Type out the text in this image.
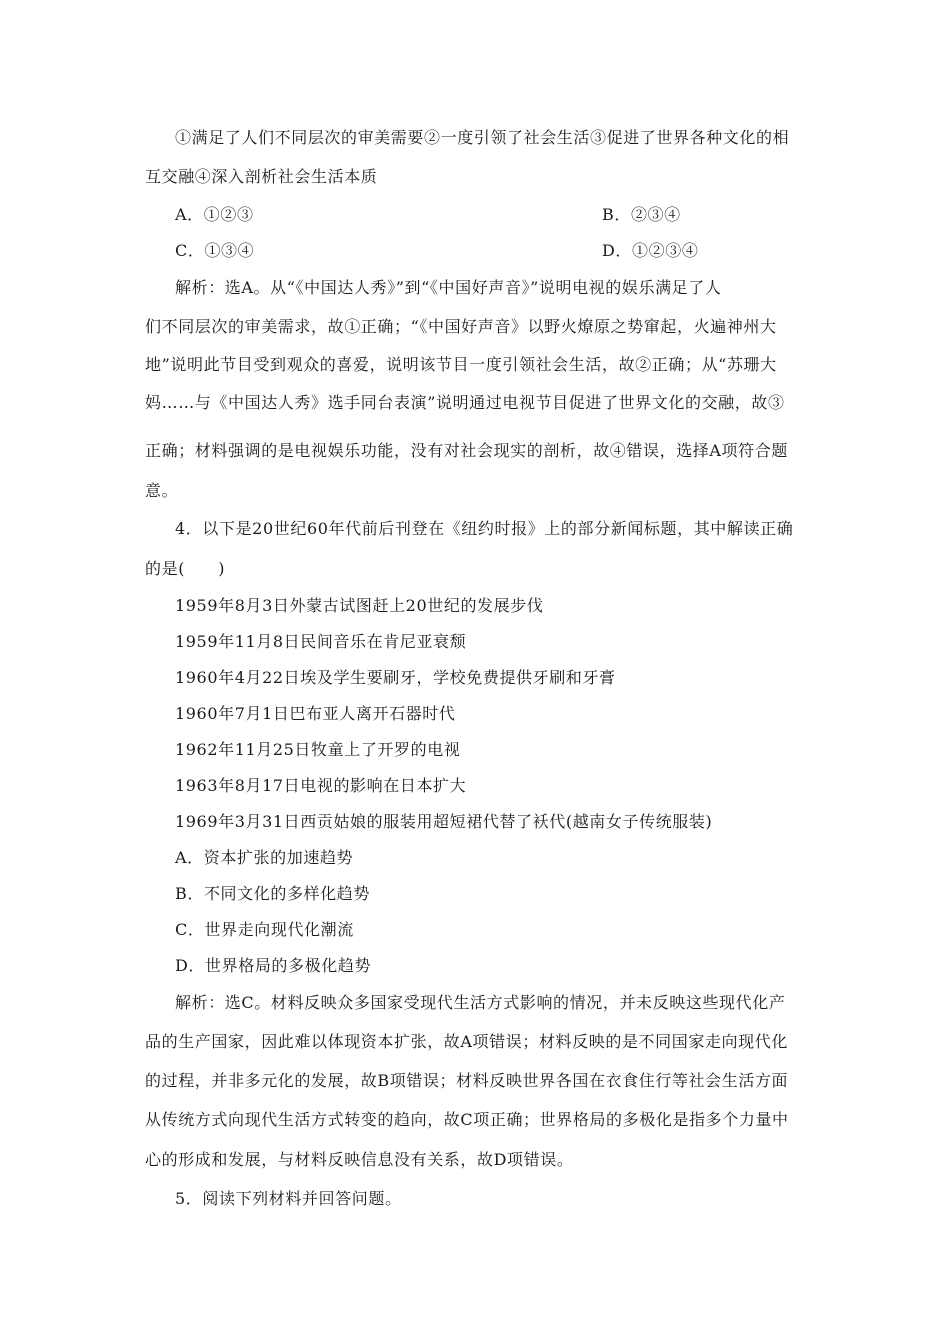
①满足了人们不同层次的审美需要②一度引领了社会生活③促进了世界各种文化的相
互交融④深入剖析社会生活本质
A．①②③	B．②③④
C．①③④	D．①②③④
解析：选A。从“《中国达人秀》”到“《中国好声音》”说明电视的娱乐满足了人
们不同层次的审美需求，故①正确；“《中国好声音》以野火燎原之势窜起，火遍神州大
地”说明此节目受到观众的喜爱，说明该节目一度引领社会生活，故②正确；从“苏珊大
妈……与《中国达人秀》选手同台表演”说明通过电视节目促进了世界文化的交融，故③
正确；材料强调的是电视娱乐功能，没有对社会现实的剖析，故④错误，选择A项符合题
意。
4．以下是20世纪60年代前后刊登在《纽约时报》上的部分新闻标题，其中解读正确
的是(　　)
1959年8月3日外蒙古试图赶上20世纪的发展步伐
1959年11月8日民间音乐在肯尼亚衰颓
1960年4月22日埃及学生要刷牙，学校免费提供牙刷和牙膏
1960年7月1日巴布亚人离开石器时代
1962年11月25日牧童上了开罗的电视
1963年8月17日电视的影响在日本扩大
1969年3月31日西贡姑娘的服装用超短裙代替了袄代(越南女子传统服装)
A．资本扩张的加速趋势
B．不同文化的多样化趋势
C．世界走向现代化潮流
D．世界格局的多极化趋势
解析：选C。材料反映众多国家受现代生活方式影响的情况，并未反映这些现代化产
品的生产国家，因此难以体现资本扩张，故A项错误；材料反映的是不同国家走向现代化
的过程，并非多元化的发展，故B项错误；材料反映世界各国在衣食住行等社会生活方面
从传统方式向现代生活方式转变的趋向，故C项正确；世界格局的多极化是指多个力量中
心的形成和发展，与材料反映信息没有关系，故D项错误。
5．阅读下列材料并回答问题。
